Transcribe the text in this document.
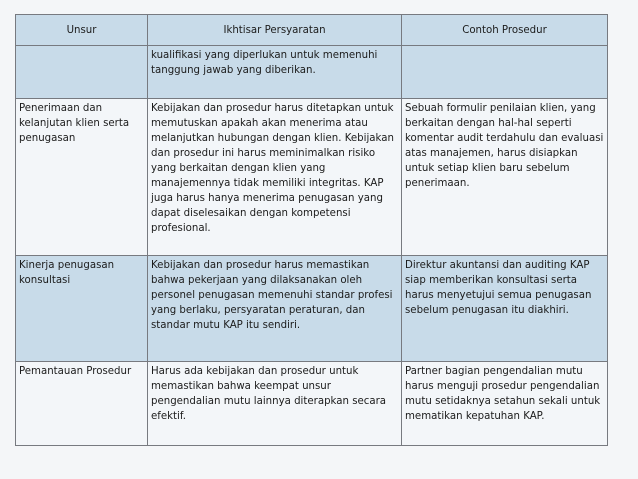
Unsur	Ikhtisar Persyaratan	Contoh Prosedur
	kualifikasi yang diperlukan untuk memenuhi tanggung jawab yang diberikan.	
Penerimaan dan kelanjutan klien serta penugasan	Kebijakan dan prosedur harus ditetapkan untuk memutuskan apakah akan menerima atau melanjutkan hubungan dengan klien. Kebijakan dan prosedur ini harus meminimalkan risiko yang berkaitan dengan klien yang manajemennya tidak memiliki integritas. KAP juga harus hanya menerima penugasan yang dapat diselesaikan dengan kompetensi profesional.	Sebuah formulir penilaian klien, yang berkaitan dengan hal-hal seperti komentar audit terdahulu dan evaluasi atas manajemen, harus disiapkan untuk setiap klien baru sebelum penerimaan.
Kinerja penugasan konsultasi	Kebijakan dan prosedur harus memastikan bahwa pekerjaan yang dilaksanakan oleh personel penugasan memenuhi standar profesi yang berlaku, persyaratan peraturan, dan standar mutu KAP itu sendiri.	Direktur akuntansi dan auditing KAP siap memberikan konsultasi serta harus menyetujui semua penugasan sebelum penugasan itu diakhiri.
Pemantauan Prosedur	Harus ada kebijakan dan prosedur untuk memastikan bahwa keempat unsur pengendalian mutu lainnya diterapkan secara efektif.	Partner bagian pengendalian mutu harus menguji prosedur pengendalian mutu setidaknya setahun sekali untuk mematikan kepatuhan KAP.
